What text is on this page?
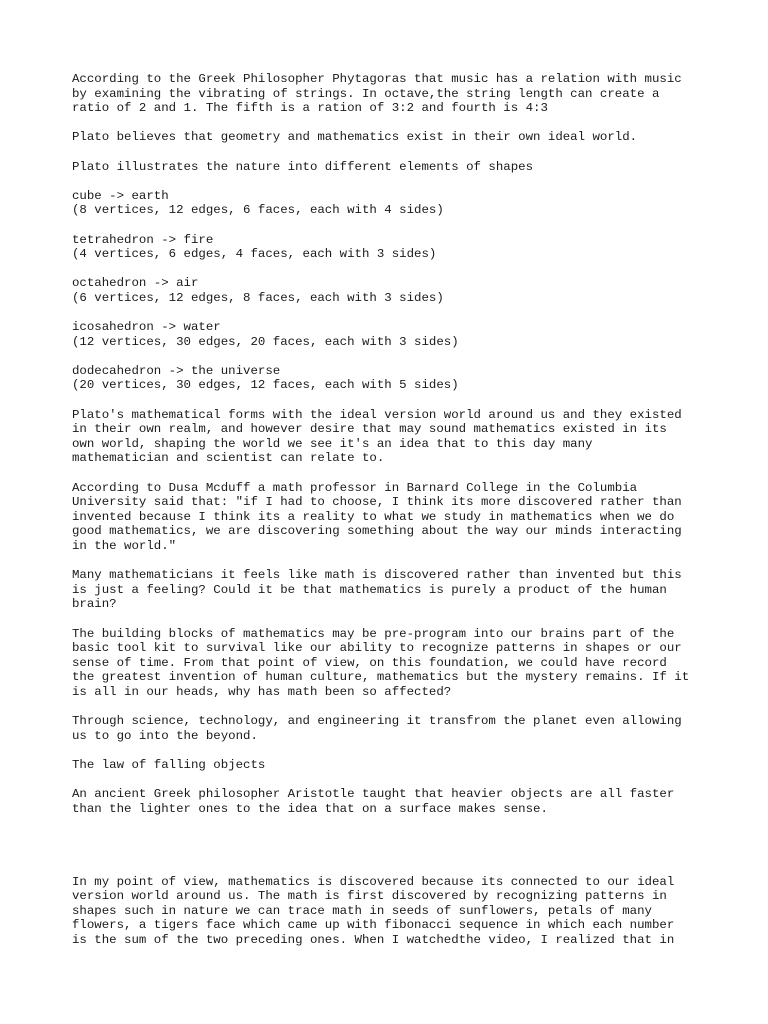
According to the Greek Philosopher Phytagoras that music has a relation with music
by examining the vibrating of strings. In octave,the string length can create a
ratio of 2 and 1. The fifth is a ration of 3:2 and fourth is 4:3

Plato believes that geometry and mathematics exist in their own ideal world.

Plato illustrates the nature into different elements of shapes

cube -> earth
(8 vertices, 12 edges, 6 faces, each with 4 sides)

tetrahedron -> fire
(4 vertices, 6 edges, 4 faces, each with 3 sides)

octahedron -> air
(6 vertices, 12 edges, 8 faces, each with 3 sides)

icosahedron -> water
(12 vertices, 30 edges, 20 faces, each with 3 sides)

dodecahedron -> the universe
(20 vertices, 30 edges, 12 faces, each with 5 sides)

Plato's mathematical forms with the ideal version world around us and they existed
in their own realm, and however desire that may sound mathematics existed in its
own world, shaping the world we see it's an idea that to this day many
mathematician and scientist can relate to.

According to Dusa Mcduff a math professor in Barnard College in the Columbia
University said that: "if I had to choose, I think its more discovered rather than
invented because I think its a reality to what we study in mathematics when we do
good mathematics, we are discovering something about the way our minds interacting
in the world."

Many mathematicians it feels like math is discovered rather than invented but this
is just a feeling? Could it be that mathematics is purely a product of the human
brain?

The building blocks of mathematics may be pre-program into our brains part of the
basic tool kit to survival like our ability to recognize patterns in shapes or our
sense of time. From that point of view, on this foundation, we could have record
the greatest invention of human culture, mathematics but the mystery remains. If it
is all in our heads, why has math been so affected?

Through science, technology, and engineering it transfrom the planet even allowing
us to go into the beyond.

The law of falling objects

An ancient Greek philosopher Aristotle taught that heavier objects are all faster
than the lighter ones to the idea that on a surface makes sense.

In my point of view, mathematics is discovered because its connected to our ideal
version world around us. The math is first discovered by recognizing patterns in
shapes such in nature we can trace math in seeds of sunflowers, petals of many
flowers, a tigers face which came up with fibonacci sequence in which each number
is the sum of the two preceding ones. When I watchedthe video, I realized that in
